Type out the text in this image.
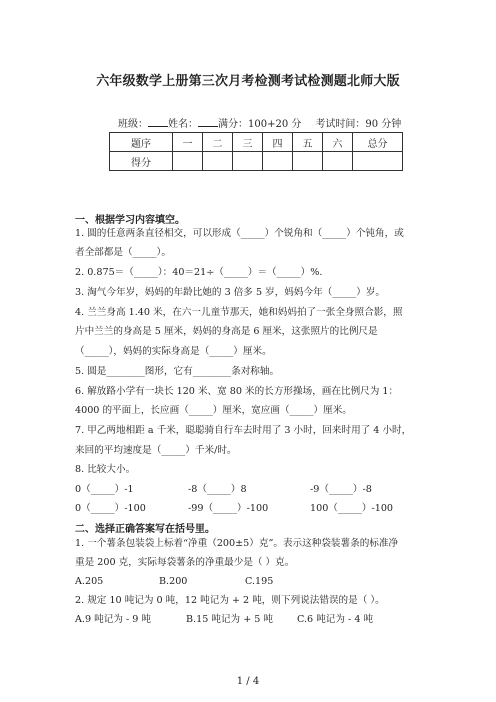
六年级数学上册第三次月考检测考试检测题北师大版
班级： 姓名： 满分：100+20 分 考试时间：90 分钟
题序	一	二	三	四	五	六	总分
得分							
一、根据学习内容填空。
1. 圆的任意两条直径相交，可以形成（_____）个锐角和（_____）个钝角，或
者全部都是（_____）。
2. 0.875＝（_____）：40＝21÷（_____）＝（_____）%.
3. 淘气今年岁，妈妈的年龄比她的 3 倍多 5 岁，妈妈今年（_____）岁。
4. 兰兰身高 1.40 米，在六一儿童节那天，她和妈妈拍了一张全身照合影，照
片中兰兰的身高是 5 厘米，妈妈的身高是 6 厘米，这张照片的比例尺是
（_____），妈妈的实际身高是（_____）厘米。
5. 圆是________图形，它有________条对称轴。
6. 解放路小学有一块长 120 米、宽 80 米的长方形操场，画在比例尺为 1：
4000 的平面上，长应画（_____）厘米，宽应画（_____）厘米。
7. 甲乙两地相距 a 千米，聪聪骑自行车去时用了 3 小时，回来时用了 4 小时，
来回的平均速度是（_____）千米/时。
8. 比较大小。
0（_____）-1	-8（_____）8	-9（_____）-8
0（_____）-100	-99（_____）-100	100（_____）-100
二、选择正确答案写在括号里。
1. 一个薯条包装袋上标着“净重（200±5）克”。表示这种袋装薯条的标准净
重是 200 克，实际每袋薯条的净重最少是（ ）克。
A.205	B.200	C.195
2. 规定 10 吨记为 0 吨，12 吨记为 + 2 吨，则下列说法错误的是（ ）。
A.9 吨记为 - 9 吨	B.15 吨记为 + 5 吨 C.6 吨记为 - 4 吨
1 / 4
